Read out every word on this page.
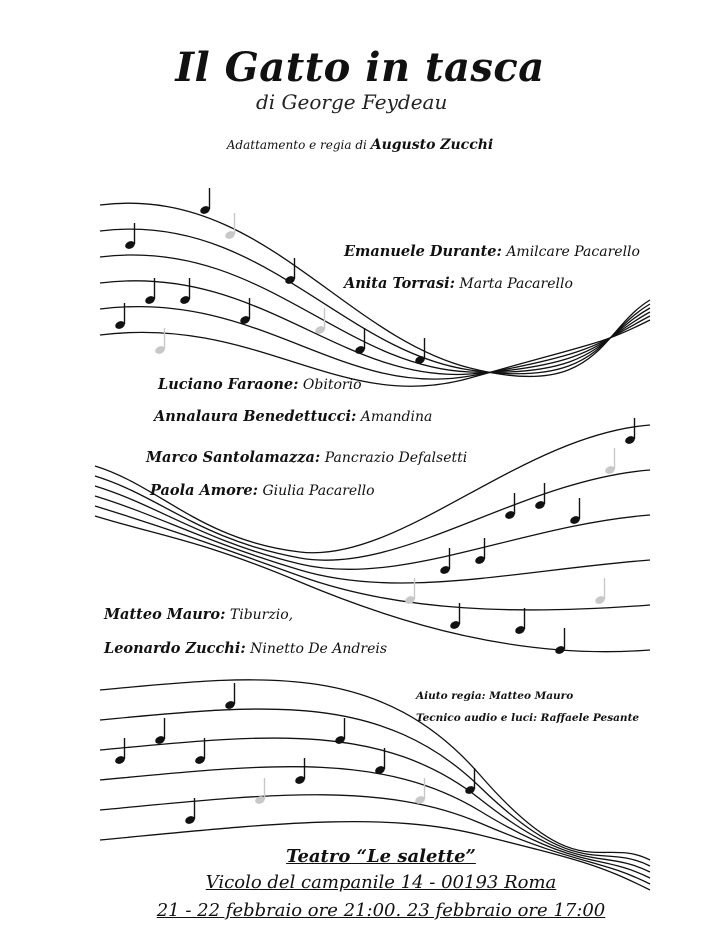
Il Gatto in tasca
di George Feydeau
Adattamento e regia di Augusto Zucchi
Emanuele Durante: Amilcare Pacarello
Anita Torrasi: Marta Pacarello
Luciano Faraone: Obitorio
Annalaura Benedettucci: Amandina
Marco Santolamazza: Pancrazio Defalsetti
Paola Amore: Giulia Pacarello
Matteo Mauro: Tiburzio,
Leonardo Zucchi: Ninetto De Andreis
Aiuto regia: Matteo Mauro
Tecnico audio e luci: Raffaele Pesante
Teatro “Le salette”
Vicolo del campanile 14 - 00193 Roma
21 - 22 febbraio ore 21:00. 23 febbraio ore 17:00
